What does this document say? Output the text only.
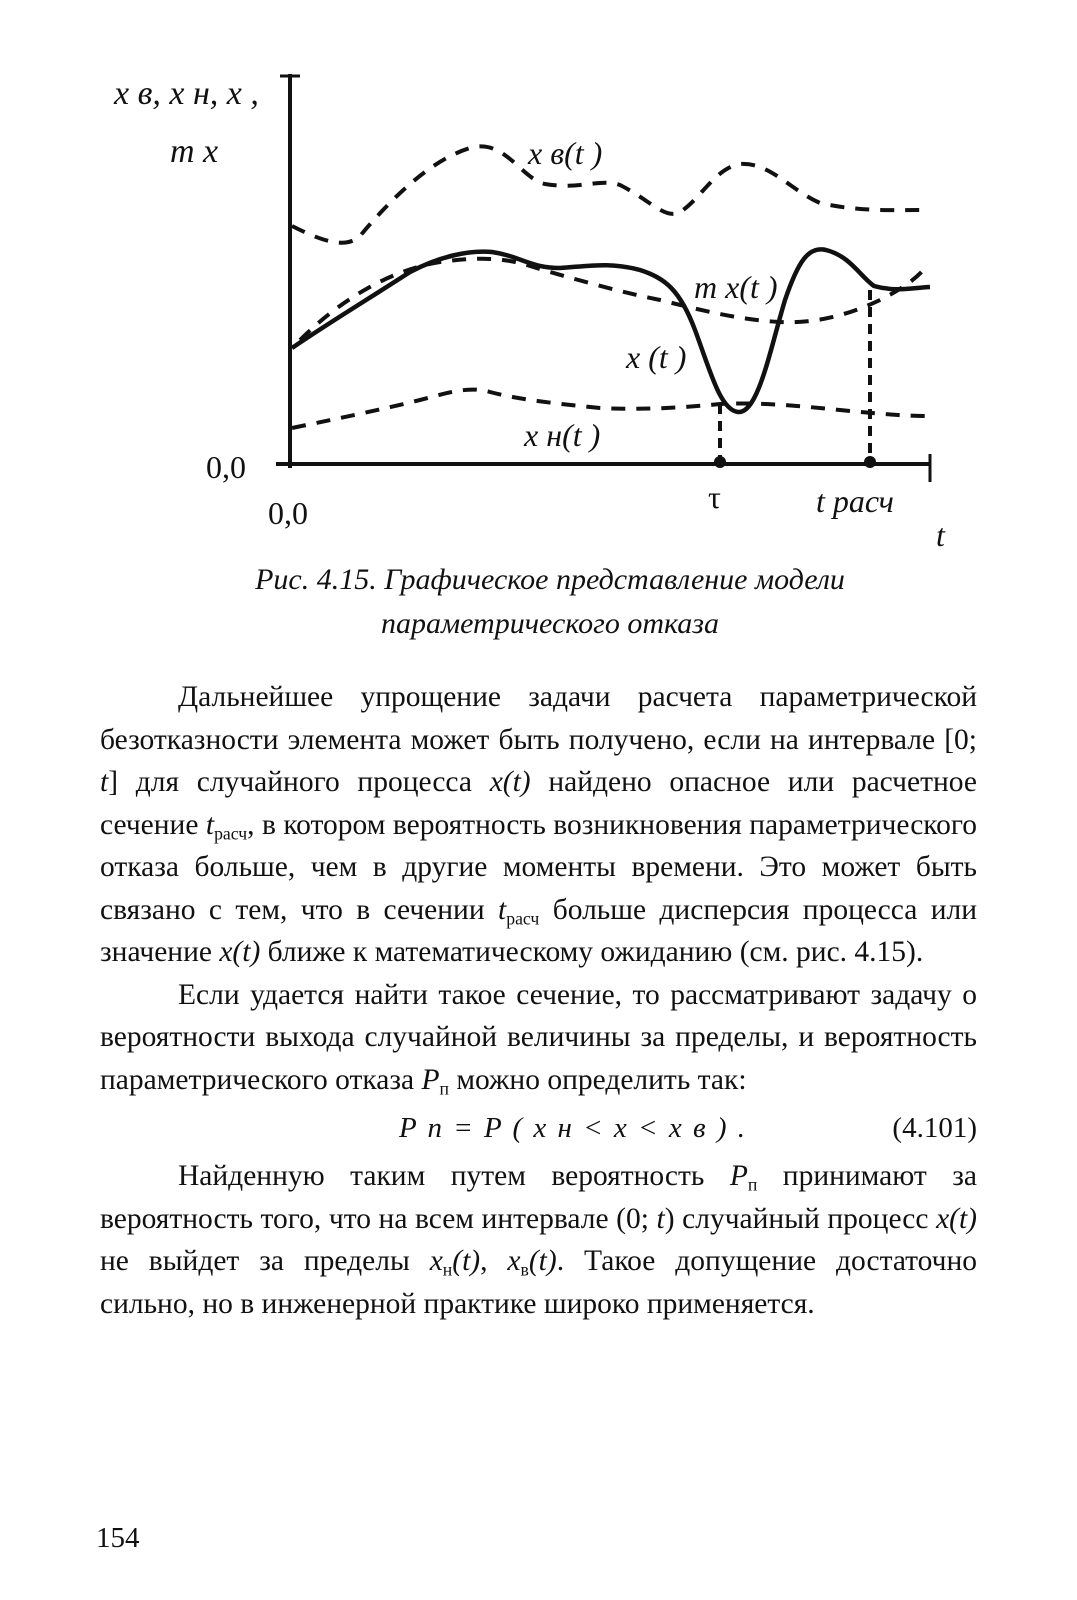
x в, x н, x ,
m x
0,0
0,0	τ	t расч
t
x в(t )
m x(t )
x (t )
x н(t )
Рис. 4.15. Графическое представление модели
параметрического отказа

Дальнейшее упрощение задачи расчета параметрической безотказности элемента может быть получено, если на интервале [0; t] для случайного процесса x(t) найдено опасное или расчетное сечение $t_{расч}$, в котором вероятность возникновения параметрического отказа больше, чем в другие моменты времени. Это может быть связано с тем, что в сечении $t_{расч}$ больше дисперсия процесса или значение x(t) ближе к математическому ожиданию (см. рис. 4.15).

Если удается найти такое сечение, то рассматривают задачу о вероятности выхода случайной величины за пределы, и вероятность параметрического отказа $P_п$ можно определить так:

P п = P ( x н < x < x в ) .	(4.101)

Найденную таким путем вероятность $P_п$ принимают за вероятность того, что на всем интервале (0; t) случайный процесс x(t) не выйдет за пределы $x_н(t)$, $x_в(t)$. Такое допущение достаточно сильно, но в инженерной практике широко применяется.

154
